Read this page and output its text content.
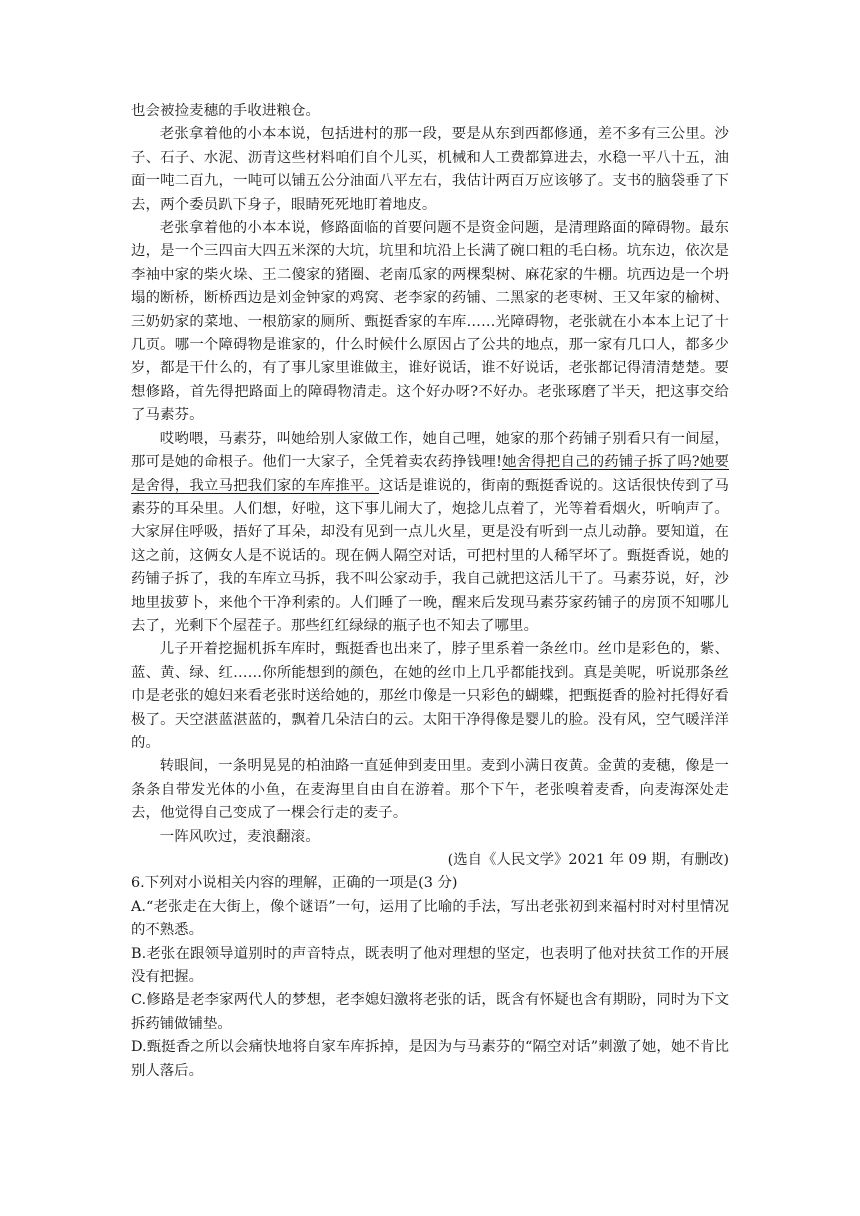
也会被捡麦穗的手收进粮仓。

老张拿着他的小本本说，包括进村的那一段，要是从东到西都修通，差不多有三公里。沙子、石子、水泥、沥青这些材料咱们自个儿买，机械和人工费都算进去，水稳一平八十五，油面一吨二百九，一吨可以铺五公分油面八平左右，我估计两百万应该够了。支书的脑袋垂了下去，两个委员趴下身子，眼睛死死地盯着地皮。

老张拿着他的小本本说，修路面临的首要问题不是资金问题，是清理路面的障碍物。最东边，是一个三四亩大四五米深的大坑，坑里和坑沿上长满了碗口粗的毛白杨。坑东边，依次是李袖中家的柴火垛、王二傻家的猪圈、老南瓜家的两棵梨树、麻花家的牛棚。坑西边是一个坍塌的断桥，断桥西边是刘金钟家的鸡窝、老李家的药铺、二黑家的老枣树、王又年家的榆树、三奶奶家的菜地、一根筋家的厕所、甄挺香家的车库……光障碍物，老张就在小本本上记了十几页。哪一个障碍物是谁家的，什么时候什么原因占了公共的地点，那一家有几口人，都多少岁，都是干什么的，有了事儿家里谁做主，谁好说话，谁不好说话，老张都记得清清楚楚。要想修路，首先得把路面上的障碍物清走。这个好办呀?不好办。老张琢磨了半天，把这事交给了马素芬。

哎哟喂，马素芬，叫她给别人家做工作，她自己哩，她家的那个药铺子别看只有一间屋，那可是她的命根子。他们一大家子，全凭着卖农药挣钱哩!她舍得把自己的药铺子拆了吗?她要是舍得，我立马把我们家的车库推平。这话是谁说的，街南的甄挺香说的。这话很快传到了马素芬的耳朵里。人们想，好啦，这下事儿闹大了，炮捻儿点着了，光等着看烟火，听响声了。大家屏住呼吸，捂好了耳朵，却没有见到一点儿火星，更是没有听到一点儿动静。要知道，在这之前，这俩女人是不说话的。现在俩人隔空对话，可把村里的人稀罕坏了。甄挺香说，她的药铺子拆了，我的车库立马拆，我不叫公家动手，我自己就把这活儿干了。马素芬说，好，沙地里拔萝卜，来他个干净利索的。人们睡了一晚，醒来后发现马素芬家药铺子的房顶不知哪儿去了，光剩下个屋茬子。那些红红绿绿的瓶子也不知去了哪里。

儿子开着挖掘机拆车库时，甄挺香也出来了，脖子里系着一条丝巾。丝巾是彩色的，紫、蓝、黄、绿、红……你所能想到的颜色，在她的丝巾上几乎都能找到。真是美呢，听说那条丝巾是老张的媳妇来看老张时送给她的，那丝巾像是一只彩色的蝴蝶，把甄挺香的脸衬托得好看极了。天空湛蓝湛蓝的，飘着几朵洁白的云。太阳干净得像是婴儿的脸。没有风，空气暖洋洋的。

转眼间，一条明晃晃的柏油路一直延伸到麦田里。麦到小满日夜黄。金黄的麦穗，像是一条条自带发光体的小鱼，在麦海里自由自在游着。那个下午，老张嗅着麦香，向麦海深处走去，他觉得自己变成了一棵会行走的麦子。

一阵风吹过，麦浪翻滚。

(选自《人民文学》2021 年 09 期，有删改)

6.下列对小说相关内容的理解，正确的一项是(3 分)

A.“老张走在大街上，像个谜语”一句，运用了比喻的手法，写出老张初到来福村时对村里情况的不熟悉。

B.老张在跟领导道别时的声音特点，既表明了他对理想的坚定，也表明了他对扶贫工作的开展没有把握。

C.修路是老李家两代人的梦想，老李媳妇激将老张的话，既含有怀疑也含有期盼，同时为下文拆药铺做铺垫。

D.甄挺香之所以会痛快地将自家车库拆掉，是因为与马素芬的“隔空对话”刺激了她，她不肯比别人落后。
